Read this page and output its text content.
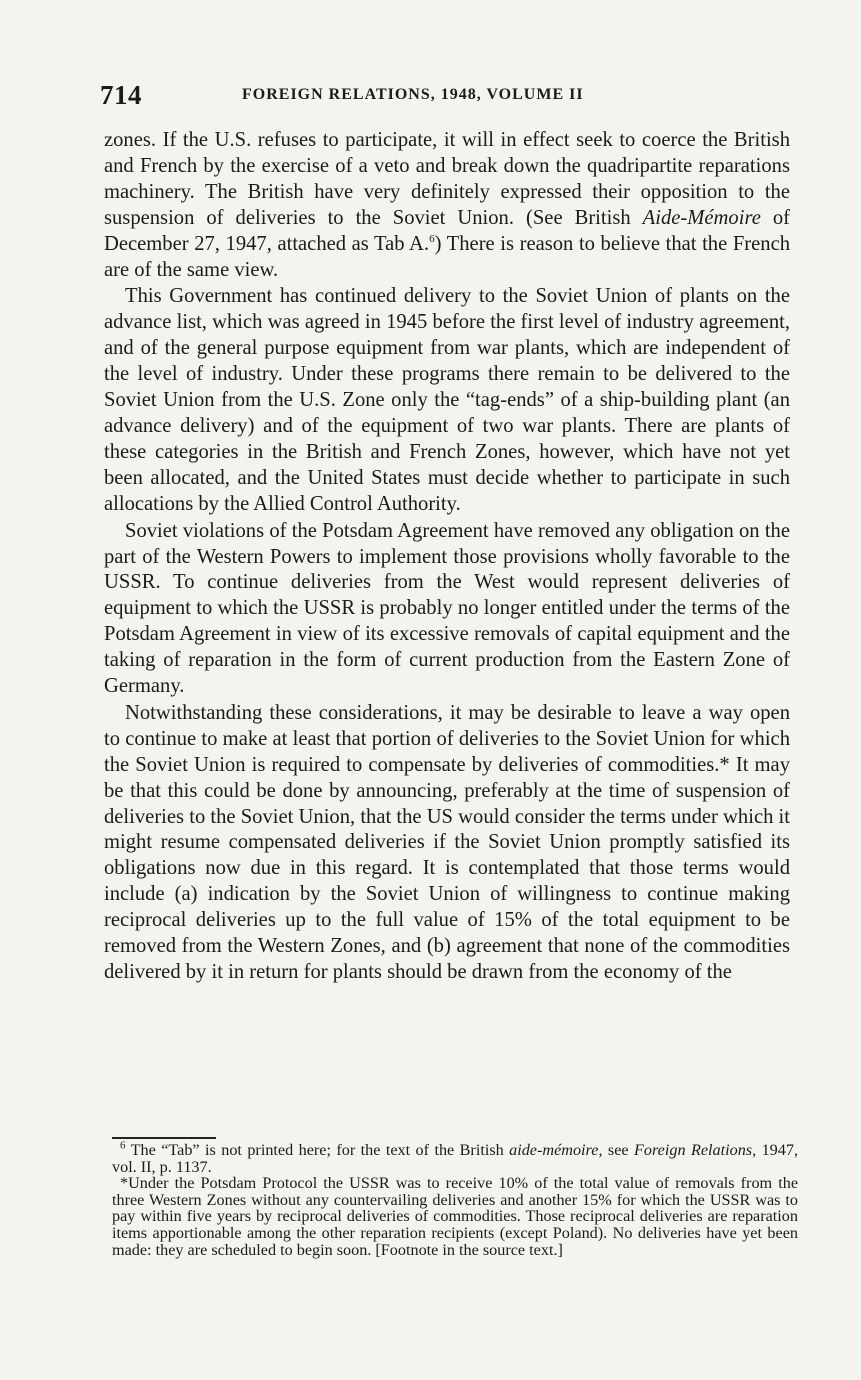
714	FOREIGN RELATIONS, 1948, VOLUME II

zones. If the U.S. refuses to participate, it will in effect seek to coerce the British and French by the exercise of a veto and break down the quadripartite reparations machinery. The British have very definitely expressed their opposition to the suspension of deliveries to the Soviet Union. (See British Aide-Mémoire of December 27, 1947, attached as Tab A.$^6$) There is reason to believe that the French are of the same view.

This Government has continued delivery to the Soviet Union of plants on the advance list, which was agreed in 1945 before the first level of industry agreement, and of the general purpose equipment from war plants, which are independent of the level of industry. Under these programs there remain to be delivered to the Soviet Union from the U.S. Zone only the “tag-ends” of a ship-building plant (an advance delivery) and of the equipment of two war plants. There are plants of these categories in the British and French Zones, however, which have not yet been allocated, and the United States must decide whether to participate in such allocations by the Allied Control Authority.

Soviet violations of the Potsdam Agreement have removed any obligation on the part of the Western Powers to implement those provisions wholly favorable to the USSR. To continue deliveries from the West would represent deliveries of equipment to which the USSR is probably no longer entitled under the terms of the Potsdam Agreement in view of its excessive removals of capital equipment and the taking of reparation in the form of current production from the Eastern Zone of Germany.

Notwithstanding these considerations, it may be desirable to leave a way open to continue to make at least that portion of deliveries to the Soviet Union for which the Soviet Union is required to compensate by deliveries of commodities.* It may be that this could be done by announcing, preferably at the time of suspension of deliveries to the Soviet Union, that the US would consider the terms under which it might resume compensated deliveries if the Soviet Union promptly satisfied its obligations now due in this regard. It is contemplated that those terms would include (a) indication by the Soviet Union of willingness to continue making reciprocal deliveries up to the full value of 15% of the total equipment to be removed from the Western Zones, and (b) agreement that none of the commodities delivered by it in return for plants should be drawn from the economy of the

$^6$ The “Tab” is not printed here; for the text of the British aide-mémoire, see Foreign Relations, 1947, vol. II, p. 1137.

*Under the Potsdam Protocol the USSR was to receive 10% of the total value of removals from the three Western Zones without any countervailing deliveries and another 15% for which the USSR was to pay within five years by reciprocal deliveries of commodities. Those reciprocal deliveries are reparation items apportionable among the other reparation recipients (except Poland). No deliveries have yet been made: they are scheduled to begin soon. [Footnote in the source text.]
